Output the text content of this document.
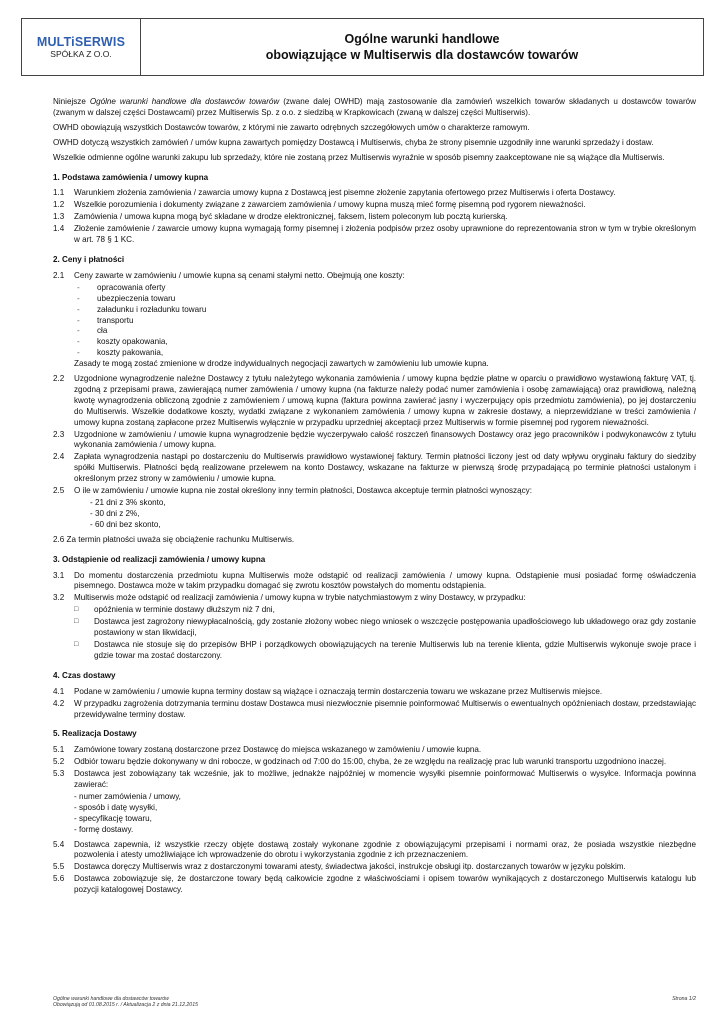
MULTiSERWIS
SPÓŁKA Z O.O.
Ogólne warunki handlowe
obowiązujące w Multiserwis dla dostawców towarów

Niniejsze Ogólne warunki handlowe dla dostawców towarów (zwane dalej OWHD) mają zastosowanie dla zamówień wszelkich towarów składanych u dostawców towarów (zwanym w dalszej części Dostawcami) przez Multiserwis Sp. z o.o. z siedzibą w Krapkowicach (zwaną w dalszej części Multiserwis).

OWHD obowiązują wszystkich Dostawców towarów, z którymi nie zawarto odrębnych szczegółowych umów o charakterze ramowym.

OWHD dotyczą wszystkich zamówień / umów kupna zawartych pomiędzy Dostawcą i Multiserwis, chyba że strony pisemnie uzgodniły inne warunki sprzedaży i dostaw.

Wszelkie odmienne ogólne warunki zakupu lub sprzedaży, które nie zostaną przez Multiserwis wyraźnie w sposób pisemny zaakceptowane nie są wiążące dla Multiserwis.

1. Podstawa zamówienia / umowy kupna
1.1	Warunkiem złożenia zamówienia / zawarcia umowy kupna z Dostawcą jest pisemne złożenie zapytania ofertowego przez Multiserwis i oferta Dostawcy.
1.2	Wszelkie porozumienia i dokumenty związane z zawarciem zamówienia / umowy kupna muszą mieć formę pisemną pod rygorem nieważności.
1.3	Zamówienia / umowa kupna mogą być składane w drodze elektronicznej, faksem, listem poleconym lub pocztą kurierską.
1.4	Złożenie zamówienie / zawarcie umowy kupna wymagają formy pisemnej i złożenia podpisów przez osoby uprawnione do reprezentowania stron w tym w trybie określonym w art. 78 § 1 KC.
2. Ceny i płatności
2.1	Ceny zawarte w zamówieniu / umowie kupna są cenami stałymi netto. Obejmują one koszty:
-	opracowania oferty
-	ubezpieczenia towaru
-	załadunku i rozładunku towaru
-	transportu
-	cła
-	koszty opakowania,
-	koszty pakowania,
Zasady te mogą zostać zmienione w drodze indywidualnych negocjacji zawartych w zamówieniu lub umowie kupna.
2.2	Uzgodnione wynagrodzenie należne Dostawcy z tytułu należytego wykonania zamówienia / umowy kupna będzie płatne w oparciu o prawidłowo wystawioną fakturę VAT, tj. zgodną z przepisami prawa, zawierającą numer zamówienia / umowy kupna (na fakturze należy podać numer zamówienia i osobę zamawiającą) oraz prawidłową, należną kwotę wynagrodzenia obliczoną zgodnie z zamówieniem / umową kupna (faktura powinna zawierać jasny i wyczerpujący opis przedmiotu zamówienia), po jej dostarczeniu do Multiserwis. Wszelkie dodatkowe koszty, wydatki związane z wykonaniem zamówienia / umowy kupna w zakresie dostawy, a nieprzewidziane w treści zamówienia / umowy kupna zostaną zapłacone przez Multiserwis wyłącznie w przypadku uprzedniej akceptacji przez Multiserwis w formie pisemnej pod rygorem nieważności.
2.3	Uzgodnione w zamówieniu / umowie kupna wynagrodzenie będzie wyczerpywało całość roszczeń finansowych Dostawcy oraz jego pracowników i podwykonawców z tytułu wykonania zamówienia / umowy kupna.
2.4	Zapłata wynagrodzenia nastąpi po dostarczeniu do Multiserwis prawidłowo wystawionej faktury. Termin płatności liczony jest od daty wpływu oryginału faktury do siedziby spółki Multiserwis. Płatności będą realizowane przelewem na konto Dostawcy, wskazane na fakturze w pierwszą środę przypadającą po terminie płatności ustalonym i określonym przez strony w zamówieniu / umowie kupna.
2.5	O ile w zamówieniu / umowie kupna nie został określony inny termin płatności, Dostawca akceptuje termin płatności wynoszący:
- 21 dni z 3% skonto,
- 30 dni z 2%,
- 60 dni bez skonto,
2.6 Za termin płatności uważa się obciążenie rachunku Multiserwis.
3. Odstąpienie od realizacji zamówienia / umowy kupna
3.1	Do momentu dostarczenia przedmiotu kupna Multiserwis może odstąpić od realizacji zamówienia / umowy kupna. Odstąpienie musi posiadać formę oświadczenia pisemnego. Dostawca może w takim przypadku domagać się zwrotu kosztów powstałych do momentu odstąpienia.
3.2	Multiserwis może odstąpić od realizacji zamówienia / umowy kupna w trybie natychmiastowym z winy Dostawcy, w przypadku:
□	opóźnienia w terminie dostawy dłuższym niż 7 dni,
□	Dostawca jest zagrożony niewypłacalnością, gdy zostanie złożony wobec niego wniosek o wszczęcie postępowania upadłościowego lub układowego oraz gdy zostanie postawiony w stan likwidacji,
□	Dostawca nie stosuje się do przepisów BHP i porządkowych obowiązujących na terenie Multiserwis lub na terenie klienta, gdzie Multiserwis wykonuje swoje prace i gdzie towar ma zostać dostarczony.
4. Czas dostawy
4.1	Podane w zamówieniu / umowie kupna terminy dostaw są wiążące i oznaczają termin dostarczenia towaru we wskazane przez Multiserwis miejsce.
4.2	W przypadku zagrożenia dotrzymania terminu dostaw Dostawca musi niezwłocznie pisemnie poinformować Multiserwis o ewentualnych opóźnieniach dostaw, przedstawiając przewidywalne terminy dostaw.
5. Realizacja Dostawy
5.1	Zamówione towary zostaną dostarczone przez Dostawcę do miejsca wskazanego w zamówieniu / umowie kupna.
5.2	Odbiór towaru będzie dokonywany w dni robocze, w godzinach od 7:00 do 15:00, chyba, że ze względu na realizację prac lub warunki transportu uzgodniono inaczej.
5.3	Dostawca jest zobowiązany tak wcześnie, jak to możliwe, jednakże najpóźniej w momencie wysyłki pisemnie poinformować Multiserwis o wysyłce. Informacja powinna zawierać:
- numer zamówienia / umowy,
- sposób i datę wysyłki,
- specyfikację towaru,
- formę dostawy.
5.4	Dostawca zapewnia, iż wszystkie rzeczy objęte dostawą zostały wykonane zgodnie z obowiązującymi przepisami i normami oraz, że posiada wszystkie niezbędne pozwolenia i atesty umożliwiające ich wprowadzenie do obrotu i wykorzystania zgodnie z ich przeznaczeniem.
5.5	Dostawca doręczy Multiserwis wraz z dostarczonymi towarami atesty, świadectwa jakości, instrukcje obsługi itp. dostarczanych towarów w języku polskim.
5.6	Dostawca zobowiązuje się, że dostarczone towary będą całkowicie zgodne z właściwościami i opisem towarów wynikających z dostarczonego Multiserwis katalogu lub pozycji katalogowej Dostawcy.
Ogólne warunki handlowe dla dostawców towarów
Obowiązują od 01.08.2015 r. / Aktualizacja 2 z dnia 21.12.2015
Strona 1/2
